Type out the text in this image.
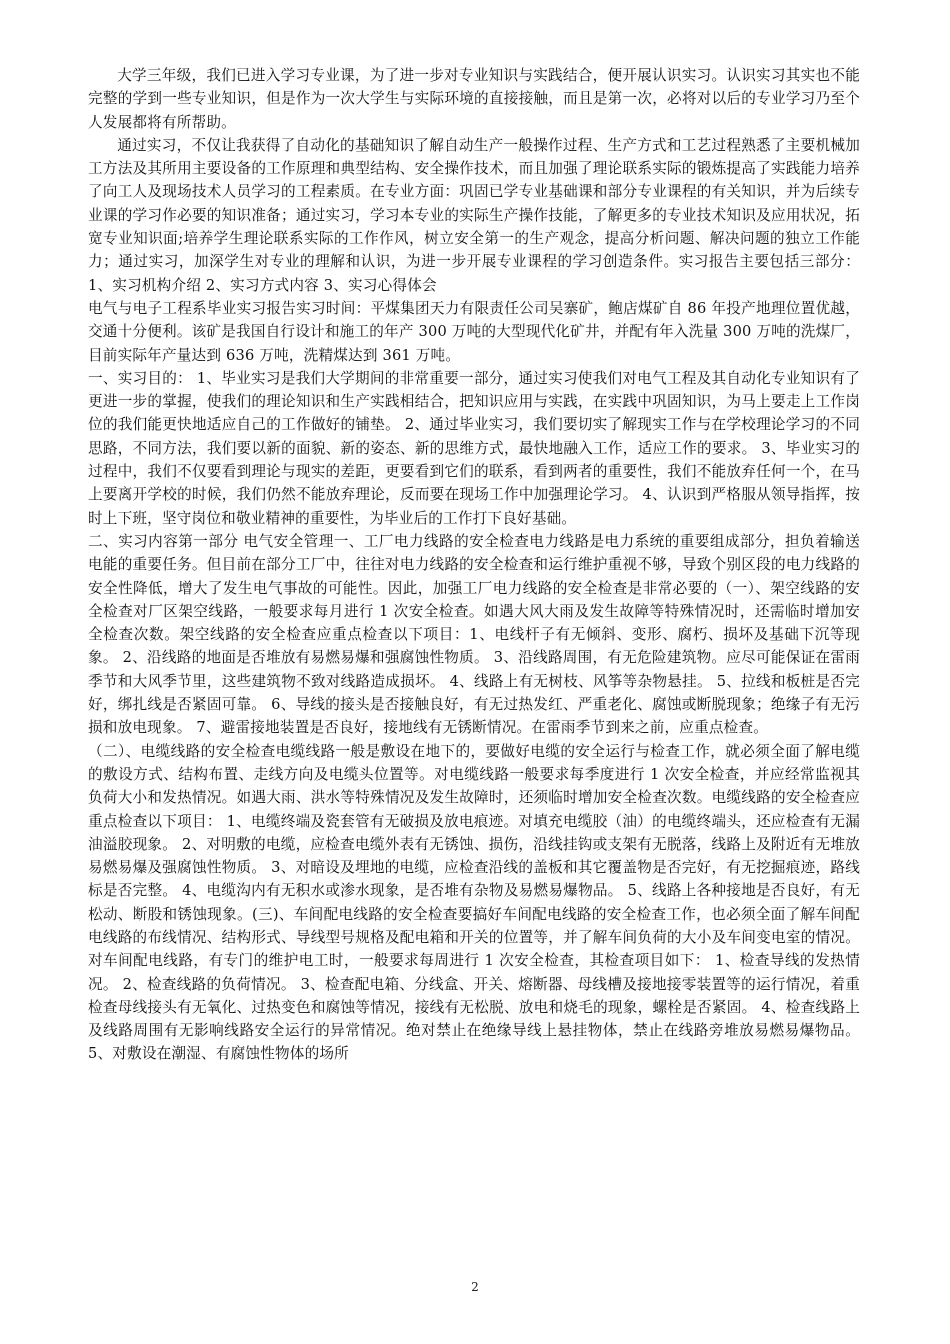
大学三年级，我们已进入学习专业课，为了进一步对专业知识与实践结合，便开展认识实习。认识实习其实也不能完整的学到一些专业知识，但是作为一次大学生与实际环境的直接接触，而且是第一次，必将对以后的专业学习乃至个人发展都将有所帮助。

通过实习，不仅让我获得了自动化的基础知识了解自动生产一般操作过程、生产方式和工艺过程熟悉了主要机械加工方法及其所用主要设备的工作原理和典型结构、安全操作技术，而且加强了理论联系实际的锻炼提高了实践能力培养了向工人及现场技术人员学习的工程素质。在专业方面：巩固已学专业基础课和部分专业课程的有关知识，并为后续专业课的学习作必要的知识准备；通过实习，学习本专业的实际生产操作技能，了解更多的专业技术知识及应用状况，拓宽专业知识面;培养学生理论联系实际的工作作风，树立安全第一的生产观念，提高分析问题、解决问题的独立工作能力；通过实习，加深学生对专业的理解和认识，为进一步开展专业课程的学习创造条件。实习报告主要包括三部分：1、实习机构介绍 2、实习方式内容 3、实习心得体会

电气与电子工程系毕业实习报告实习时间：平煤集团天力有限责任公司吴寨矿，鲍店煤矿自 86 年投产地理位置优越，交通十分便利。该矿是我国自行设计和施工的年产 300 万吨的大型现代化矿井，并配有年入洗量 300 万吨的洗煤厂，目前实际年产量达到 636 万吨，洗精煤达到 361 万吨。

一、实习目的： 1、毕业实习是我们大学期间的非常重要一部分，通过实习使我们对电气工程及其自动化专业知识有了更进一步的掌握，使我们的理论知识和生产实践相结合，把知识应用与实践，在实践中巩固知识，为马上要走上工作岗位的我们能更快地适应自己的工作做好的铺垫。 2、通过毕业实习，我们要切实了解现实工作与在学校理论学习的不同思路，不同方法，我们要以新的面貌、新的姿态、新的思维方式，最快地融入工作，适应工作的要求。 3、毕业实习的过程中，我们不仅要看到理论与现实的差距，更要看到它们的联系，看到两者的重要性，我们不能放弃任何一个，在马上要离开学校的时候，我们仍然不能放弃理论，反而要在现场工作中加强理论学习。 4、认识到严格服从领导指挥，按时上下班，坚守岗位和敬业精神的重要性，为毕业后的工作打下良好基础。

二、实习内容第一部分 电气安全管理一、工厂电力线路的安全检查电力线路是电力系统的重要组成部分，担负着输送电能的重要任务。但目前在部分工厂中，往往对电力线路的安全检查和运行维护重视不够，导致个别区段的电力线路的安全性降低，增大了发生电气事故的可能性。因此，加强工厂电力线路的安全检查是非常必要的（一）、架空线路的安全检查对厂区架空线路，一般要求每月进行 1 次安全检查。如遇大风大雨及发生故障等特殊情况时，还需临时增加安全检查次数。架空线路的安全检查应重点检查以下项目：1、电线杆子有无倾斜、变形、腐朽、损坏及基础下沉等现象。 2、沿线路的地面是否堆放有易燃易爆和强腐蚀性物质。 3、沿线路周围，有无危险建筑物。应尽可能保证在雷雨季节和大风季节里，这些建筑物不致对线路造成损坏。 4、线路上有无树枝、风筝等杂物悬挂。 5、拉线和板桩是否完好，绑扎线是否紧固可靠。 6、导线的接头是否接触良好，有无过热发红、严重老化、腐蚀或断脱现象；绝缘子有无污损和放电现象。 7、避雷接地装置是否良好，接地线有无锈断情况。在雷雨季节到来之前，应重点检查。

（二）、电缆线路的安全检查电缆线路一般是敷设在地下的，要做好电缆的安全运行与检查工作，就必须全面了解电缆的敷设方式、结构布置、走线方向及电缆头位置等。对电缆线路一般要求每季度进行 1 次安全检查，并应经常监视其负荷大小和发热情况。如遇大雨、洪水等特殊情况及发生故障时，还须临时增加安全检查次数。电缆线路的安全检查应重点检查以下项目： 1、电缆终端及瓷套管有无破损及放电痕迹。对填充电缆胶（油）的电缆终端头，还应检查有无漏油溢胶现象。 2、对明敷的电缆，应检查电缆外表有无锈蚀、损伤，沿线挂钩或支架有无脱落，线路上及附近有无堆放易燃易爆及强腐蚀性物质。 3、对暗设及埋地的电缆，应检查沿线的盖板和其它覆盖物是否完好，有无挖掘痕迹，路线标是否完整。 4、电缆沟内有无积水或渗水现象，是否堆有杂物及易燃易爆物品。 5、线路上各种接地是否良好，有无松动、断股和锈蚀现象。(三)、车间配电线路的安全检查要搞好车间配电线路的安全检查工作，也必须全面了解车间配电线路的布线情况、结构形式、导线型号规格及配电箱和开关的位置等，并了解车间负荷的大小及车间变电室的情况。对车间配电线路，有专门的维护电工时，一般要求每周进行 1 次安全检查，其检查项目如下： 1、检查导线的发热情况。 2、检查线路的负荷情况。 3、检查配电箱、分线盒、开关、熔断器、母线槽及接地接零装置等的运行情况，着重检查母线接头有无氧化、过热变色和腐蚀等情况，接线有无松脱、放电和烧毛的现象，螺栓是否紧固。 4、检查线路上及线路周围有无影响线路安全运行的异常情况。绝对禁止在绝缘导线上悬挂物体，禁止在线路旁堆放易燃易爆物品。 5、对敷设在潮湿、有腐蚀性物体的场所

2
